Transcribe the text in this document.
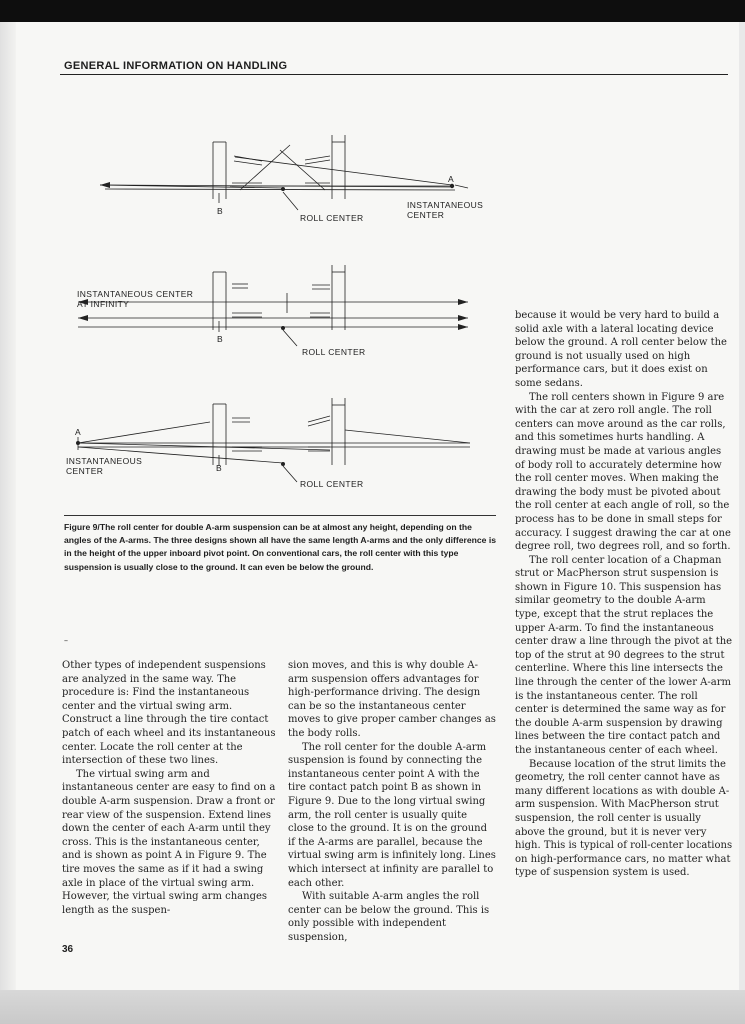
GENERAL INFORMATION ON HANDLING
A
B
ROLL CENTER
INSTANTANEOUS
CENTER
INSTANTANEOUS CENTER
AT INFINITY
B
ROLL CENTER
A
INSTANTANEOUS
CENTER	B
ROLL CENTER
Figure 9/The roll center for double A-arm suspension can be at almost any height, depending on the angles of the A-arms. The three designs shown all have the same length A-arms and the only difference is in the height of the upper inboard pivot point. On conventional cars, the roll center with this type suspension is usually close to the ground. It can even be below the ground.
–

Other types of independent suspensions are analyzed in the same way. The procedure is: Find the instantaneous center and the virtual swing arm. Construct a line through the tire contact patch of each wheel and its instantaneous center. Locate the roll center at the intersection of these two lines.

The virtual swing arm and instantaneous center are easy to find on a double A-arm suspension. Draw a front or rear view of the suspension. Extend lines down the center of each A-arm until they cross. This is the instantaneous center, and is shown as point A in Figure 9. The tire moves the same as if it had a swing axle in place of the virtual swing arm. However, the virtual swing arm changes length as the suspen-

sion moves, and this is why double A-arm suspension offers advantages for high-performance driving. The design can be so the instantaneous center moves to give proper camber changes as the body rolls.

The roll center for the double A-arm suspension is found by connecting the instantaneous center point A with the tire contact patch point B as shown in Figure 9. Due to the long virtual swing arm, the roll center is usually quite close to the ground. It is on the ground if the A-arms are parallel, because the virtual swing arm is infinitely long. Lines which intersect at infinity are parallel to each other.

With suitable A-arm angles the roll center can be below the ground. This is only possible with independent suspension,

because it would be very hard to build a solid axle with a lateral locating device below the ground. A roll center below the ground is not usually used on high performance cars, but it does exist on some sedans.

The roll centers shown in Figure 9 are with the car at zero roll angle. The roll centers can move around as the car rolls, and this sometimes hurts handling. A drawing must be made at various angles of body roll to accurately determine how the roll center moves. When making the drawing the body must be pivoted about the roll center at each angle of roll, so the process has to be done in small steps for accuracy. I suggest drawing the car at one degree roll, two degrees roll, and so forth.

The roll center location of a Chapman strut or MacPherson strut suspension is shown in Figure 10. This suspension has similar geometry to the double A-arm type, except that the strut replaces the upper A-arm. To find the instantaneous center draw a line through the pivot at the top of the strut at 90 degrees to the strut centerline. Where this line intersects the line through the center of the lower A-arm is the instantaneous center. The roll center is determined the same way as for the double A-arm suspension by drawing lines between the tire contact patch and the instantaneous center of each wheel.

Because location of the strut limits the geometry, the roll center cannot have as many different locations as with double A-arm suspension. With MacPherson strut suspension, the roll center is usually above the ground, but it is never very high. This is typical of roll-center locations on high-performance cars, no matter what type of suspension system is used.

36
